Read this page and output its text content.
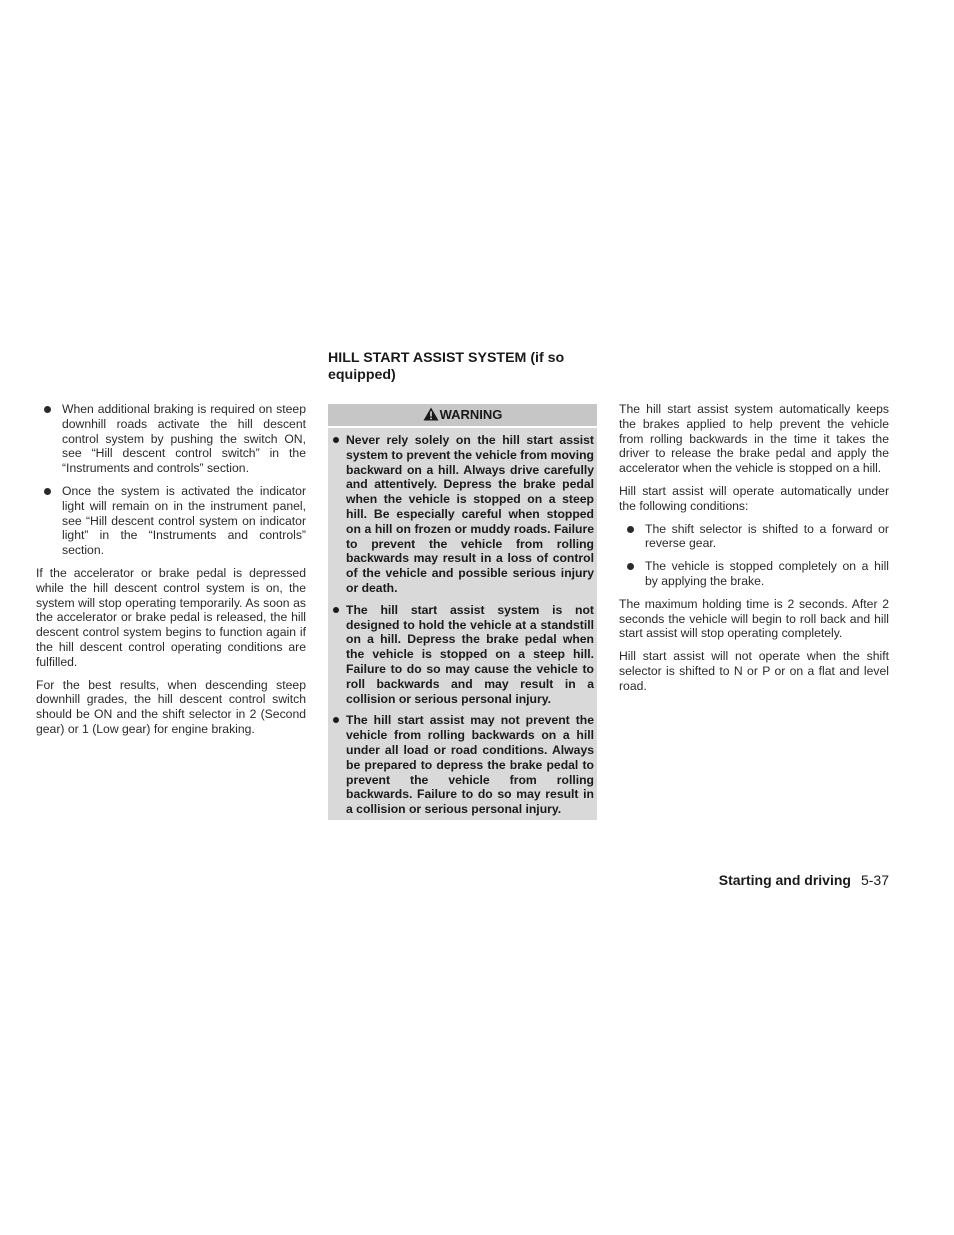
HILL START ASSIST SYSTEM (if so equipped)
When additional braking is required on steep downhill roads activate the hill descent control system by pushing the switch ON, see “Hill descent control switch” in the “Instruments and controls” section.
Once the system is activated the indicator light will remain on in the instrument panel, see “Hill descent control system on indicator light” in the “Instruments and controls” section.

If the accelerator or brake pedal is depressed while the hill descent control system is on, the system will stop operating temporarily. As soon as the accelerator or brake pedal is released, the hill descent control system begins to function again if the hill descent control operating conditions are fulfilled.

For the best results, when descending steep downhill grades, the hill descent control switch should be ON and the shift selector in 2 (Second gear) or 1 (Low gear) for engine braking.

WARNING
Never rely solely on the hill start assist system to prevent the vehicle from moving backward on a hill. Always drive carefully and attentively. Depress the brake pedal when the vehicle is stopped on a steep hill. Be especially careful when stopped on a hill on frozen or muddy roads. Failure to prevent the vehicle from rolling backwards may result in a loss of control of the vehicle and possible serious injury or death.
The hill start assist system is not designed to hold the vehicle at a standstill on a hill. Depress the brake pedal when the vehicle is stopped on a steep hill. Failure to do so may cause the vehicle to roll backwards and may result in a collision or serious personal injury.
The hill start assist may not prevent the vehicle from rolling backwards on a hill under all load or road conditions. Always be prepared to depress the brake pedal to prevent the vehicle from rolling backwards. Failure to do so may result in a collision or serious personal injury.

The hill start assist system automatically keeps the brakes applied to help prevent the vehicle from rolling backwards in the time it takes the driver to release the brake pedal and apply the accelerator when the vehicle is stopped on a hill.

Hill start assist will operate automatically under the following conditions:

The shift selector is shifted to a forward or reverse gear.
The vehicle is stopped completely on a hill by applying the brake.

The maximum holding time is 2 seconds. After 2 seconds the vehicle will begin to roll back and hill start assist will stop operating completely.

Hill start assist will not operate when the shift selector is shifted to N or P or on a flat and level road.

Starting and driving 5-37
